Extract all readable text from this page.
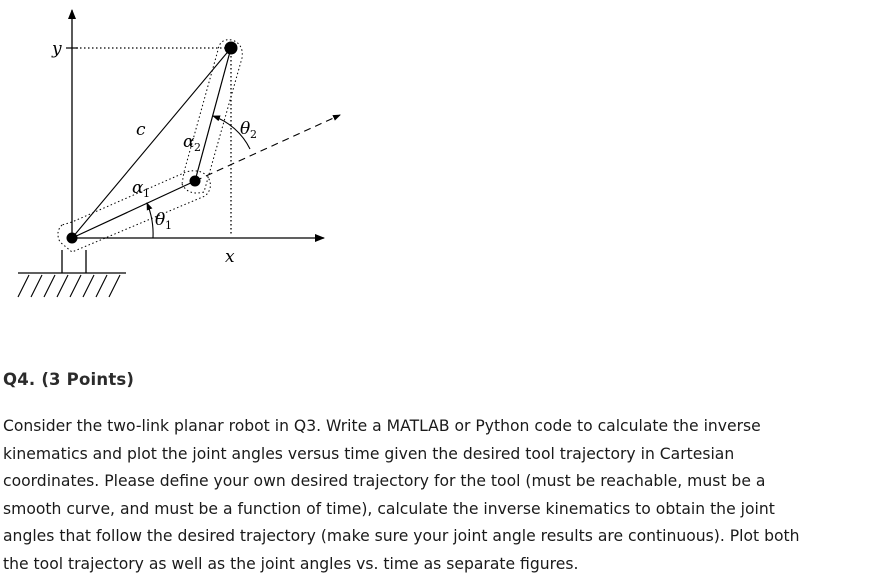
y
x
c
α 1
α 2
θ 1
θ 2
Q4. (3 Points)

Consider the two-link planar robot in Q3. Write a MATLAB or Python code to calculate the inverse
kinematics and plot the joint angles versus time given the desired tool trajectory in Cartesian
coordinates. Please define your own desired trajectory for the tool (must be reachable, must be a
smooth curve, and must be a function of time), calculate the inverse kinematics to obtain the joint
angles that follow the desired trajectory (make sure your joint angle results are continuous). Plot both
the tool trajectory as well as the joint angles vs. time as separate figures.
